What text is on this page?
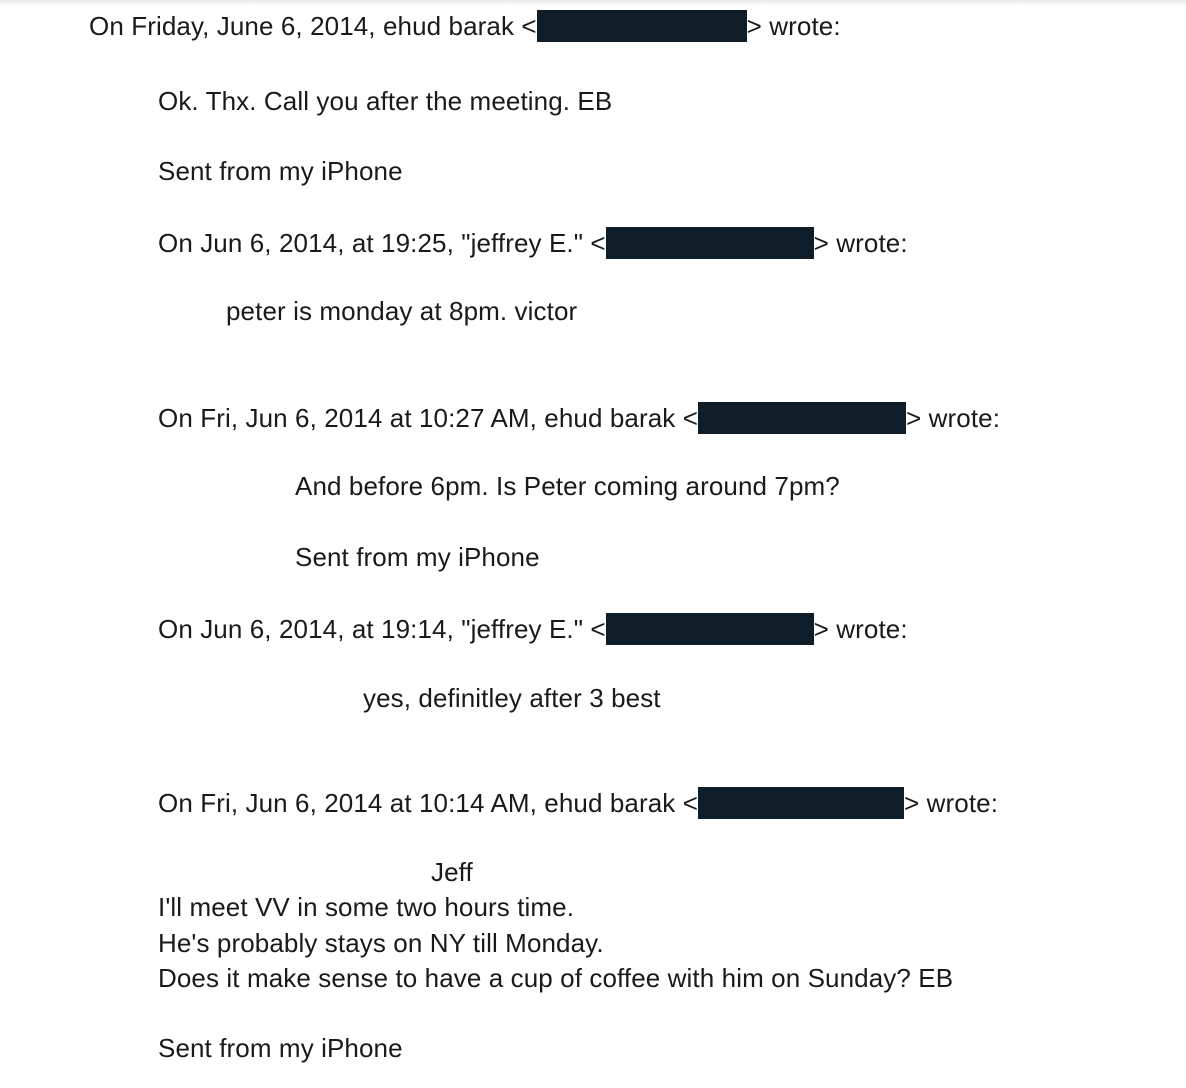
On Friday, June 6, 2014, ehud barak <	> wrote:
Ok. Thx. Call you after the meeting. EB
Sent from my iPhone
On Jun 6, 2014, at 19:25, "jeffrey E." <	> wrote:
peter is monday at 8pm. victor
On Fri, Jun 6, 2014 at 10:27 AM, ehud barak <	> wrote:
And before 6pm. Is Peter coming around 7pm?
Sent from my iPhone
On Jun 6, 2014, at 19:14, "jeffrey E." <	> wrote:
yes, definitley after 3 best
On Fri, Jun 6, 2014 at 10:14 AM, ehud barak <	> wrote:
Jeff
I'll meet VV in some two hours time.
He's probably stays on NY till Monday.
Does it make sense to have a cup of coffee with him on Sunday? EB
Sent from my iPhone
